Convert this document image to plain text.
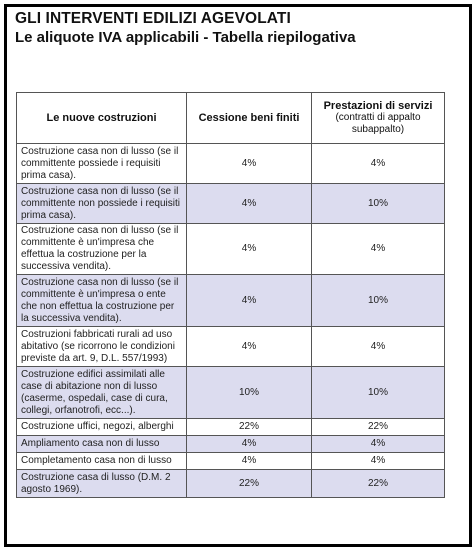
GLI INTERVENTI EDILIZI AGEVOLATI
Le aliquote IVA applicabili - Tabella riepilogativa
Le nuove costruzioni	Cessione beni finiti	Prestazioni di servizi
(contratti di appalto subappalto)

Costruzione casa non di lusso (se il committente possiede i requisiti prima casa).	4%	4%
Costruzione casa non di lusso (se il committente non possiede i requisiti prima casa).	4%	10%
Costruzione casa non di lusso (se il committente è un'impresa che effettua la costruzione per la successiva vendita).	4%	4%
Costruzione casa non di lusso (se il committente è un'impresa o ente che non effettua la costruzione per la successiva vendita).	4%	10%
Costruzioni fabbricati rurali ad uso abitativo (se ricorrono le condizioni previste da art. 9, D.L. 557/1993)	4%	4%
Costruzione edifici assimilati alle case di abitazione non di lusso (caserme, ospedali, case di cura, collegi, orfanotrofi, ecc...).	10%	10%
Costruzione uffici, negozi, alberghi	22%	22%
Ampliamento casa non di lusso	4%	4%
Completamento casa non di lusso	4%	4%
Costruzione casa di lusso (D.M. 2 agosto 1969).	22%	22%
